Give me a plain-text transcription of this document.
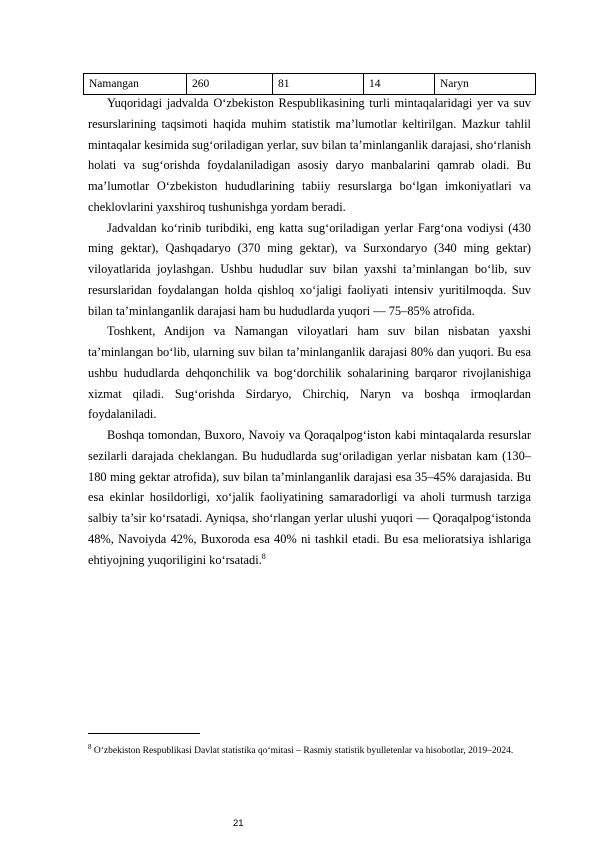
Namangan	260	81	14	Naryn

Yuqoridagi jadvalda O‘zbekiston Respublikasining turli mintaqalaridagi yer va suv resurslarining taqsimoti haqida muhim statistik ma’lumotlar keltirilgan. Mazkur tahlil mintaqalar kesimida sug‘oriladigan yerlar, suv bilan ta’minlanganlik darajasi, sho‘rlanish holati va sug‘orishda foydalaniladigan asosiy daryo manbalarini qamrab oladi. Bu ma’lumotlar O‘zbekiston hududlarining tabiiy resurslarga bo‘lgan imkoniyatlari va cheklovlarini yaxshiroq tushunishga yordam beradi.

Jadvaldan ko‘rinib turibdiki, eng katta sug‘oriladigan yerlar Farg‘ona vodiysi (430 ming gektar), Qashqadaryo (370 ming gektar), va Surxondaryo (340 ming gektar) viloyatlarida joylashgan. Ushbu hududlar suv bilan yaxshi ta’minlangan bo‘lib, suv resurslaridan foydalangan holda qishloq xo‘jaligi faoliyati intensiv yuritilmoqda. Suv bilan ta’minlanganlik darajasi ham bu hududlarda yuqori — 75–85% atrofida.

Toshkent, Andijon va Namangan viloyatlari ham suv bilan nisbatan yaxshi ta’minlangan bo‘lib, ularning suv bilan ta’minlanganlik darajasi 80% dan yuqori. Bu esa ushbu hududlarda dehqonchilik va bog‘dorchilik sohalarining barqaror rivojlanishiga xizmat qiladi. Sug‘orishda Sirdaryo, Chirchiq, Naryn va boshqa irmoqlardan foydalaniladi.

Boshqa tomondan, Buxoro, Navoiy va Qoraqalpog‘iston kabi mintaqalarda resurslar sezilarli darajada cheklangan. Bu hududlarda sug‘oriladigan yerlar nisbatan kam (130–180 ming gektar atrofida), suv bilan ta’minlanganlik darajasi esa 35–45% darajasida. Bu esa ekinlar hosildorligi, xo‘jalik faoliyatining samaradorligi va aholi turmush tarziga salbiy ta’sir ko‘rsatadi. Ayniqsa, sho‘rlangan yerlar ulushi yuqori — Qoraqalpog‘istonda 48%, Navoiyda 42%, Buxoroda esa 40% ni tashkil etadi. Bu esa melioratsiya ishlariga ehtiyojning yuqoriligini ko‘rsatadi.$^8$

$^8$ O‘zbekiston Respublikasi Davlat statistika qo‘mitasi – Rasmiy statistik byulletenlar va hisobotlar, 2019–2024.
21
